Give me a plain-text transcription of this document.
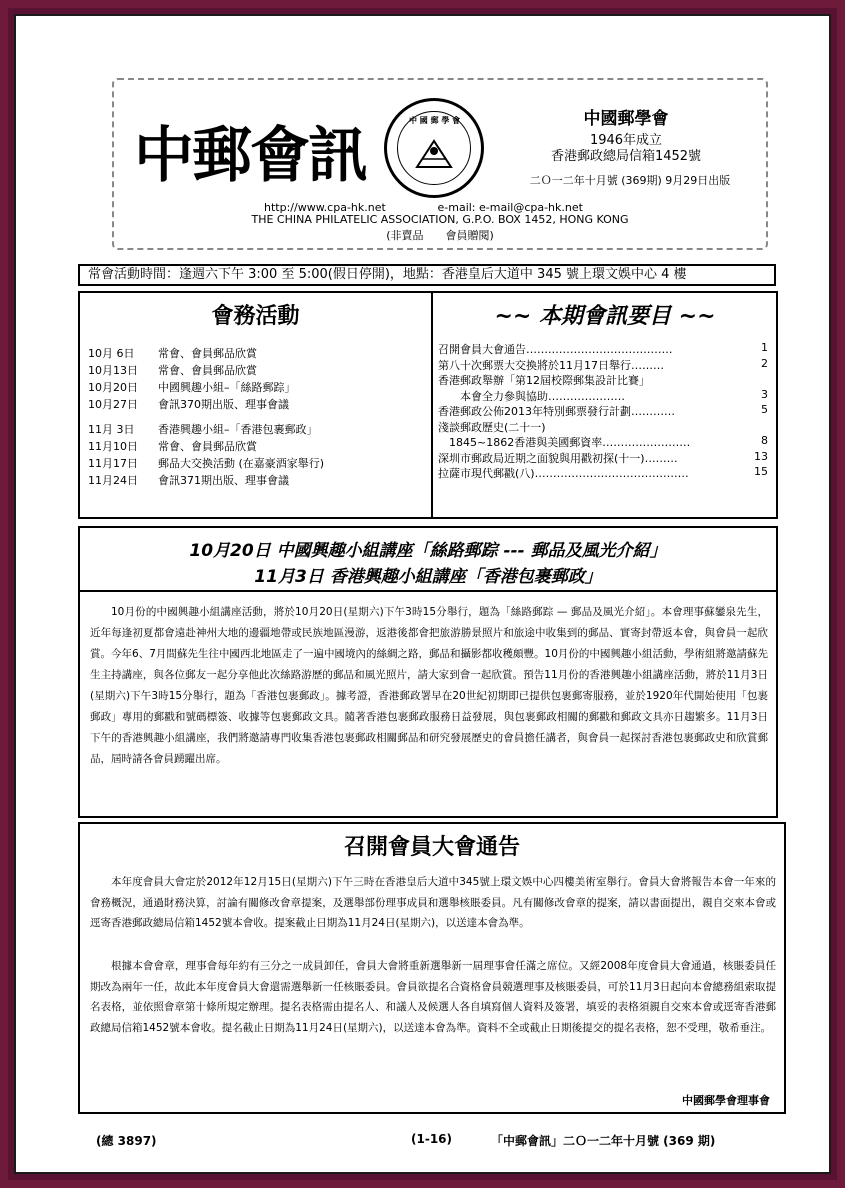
中郵會訊
中 國 郵 學 會	中國郵學會
1946年成立
香港郵政總局信箱1452號
二Ｏ一二年十月號 (369期) 9月29日出版
http://www.cpa-hk.net	e-mail: e-mail@cpa-hk.net
THE CHINA PHILATELIC ASSOCIATION, G.P.O. BOX 1452, HONG KONG
(非賣品　　會員贈閱)
常會活動時間：逢週六下午 3:00 至 5:00(假日停開)，地點：香港皇后大道中 345 號上環文娛中心 4 樓
會務活動
10月 6日 常會、會員郵品欣賞
10月13日 常會、會員郵品欣賞
10月20日 中國興趣小組–「絲路郵踪」
10月27日 會訊370期出版、理事會議
11月 3日 香港興趣小組–「香港包裹郵政」
11月10日 常會、會員郵品欣賞
11月17日 郵品大交換活動 (在嘉豪酒家舉行)
11月24日 會訊371期出版、理事會議
~~ 本期會訊要目 ~~
召開會員大會通告…….……………………………	1
第八十次郵票大交換將於11月17日舉行………	2
香港郵政舉辦「第12屆校際郵集設計比賽」
　　本會全力參與協助…………………	3
香港郵政公佈2013年特別郵票發行計劃…………	5
淺談郵政歷史(二十一)
　1845~1862香港與美國郵資率……………………	8
深圳市郵政局近期之面貌與用戳初探(十一)………	13
拉薩市現代郵戳(八)……………………………………	15
10月20日 中國興趣小組講座「絲路郵踪 --- 郵品及風光介紹」
11月3日 香港興趣小組講座「香港包裹郵政」
10月份的中國興趣小組講座活動，將於10月20日(星期六)下午3時15分舉行，題為「絲路郵踪 — 郵品及風光介紹」。本會理事蘇鑾泉先生，近年每逢初夏都會遠赴神州大地的邊疆地帶或民族地區漫游，返港後都會把旅游勝景照片和旅途中收集到的郵品、實寄封帶返本會，與會員一起欣賞。今年6、7月間蘇先生往中國西北地區走了一遍中國境內的絲綢之路，郵品和攝影都收穫頗豐。10月份的中國興趣小組活動，學術組將邀請蘇先生主持講座，與各位郵友一起分享他此次絲路游歷的郵品和風光照片，請大家到會一起欣賞。預告11月份的香港興趣小組講座活動，將於11月3日(星期六)下午3時15分舉行，題為「香港包裹郵政」。據考證，香港郵政署早在20世紀初期即已提供包裹郵寄服務，並於1920年代開始使用「包裹郵政」專用的郵戳和號碼標簽、收據等包裹郵政文具。隨著香港包裹郵政服務日益發展，與包裹郵政相關的郵戳和郵政文具亦日趨繁多。11月3日下午的香港興趣小組講座，我們將邀請專門收集香港包裹郵政相關郵品和研究發展歷史的會員擔任講者，與會員一起探討香港包裹郵政史和欣賞郵品，屆時請各會員踴躍出席。
召開會員大會通告
本年度會員大會定於2012年12月15日(星期六)下午三時在香港皇后大道中345號上環文娛中心四樓美術室舉行。會員大會將報告本會一年來的會務概況，通過財務決算，討論有關修改會章提案，及選舉部份理事成員和選舉核賬委員。凡有關修改會章的提案，請以書面提出，親自交來本會或逕寄香港郵政總局信箱1452號本會收。提案截止日期為11月24日(星期六)，以送達本會為準。
根據本會會章，理事會每年約有三分之一成員卸任，會員大會將重新選舉新一屆理事會任滿之席位。又經2008年度會員大會通過，核賬委員任期改為兩年一任，故此本年度會員大會還需選舉新一任核賬委員。會員欲提名合資格會員競選理事及核賬委員，可於11月3日起向本會總務組索取提名表格，並依照會章第十條所規定辦理。提名表格需由提名人、和議人及候選人各自填寫個人資料及簽署，填妥的表格須親自交來本會或逕寄香港郵政總局信箱1452號本會收。提名截止日期為11月24日(星期六)，以送達本會為準。資料不全或截止日期後提交的提名表格，恕不受理，敬希垂注。
中國郵學會理事會
(總 3897)	(1-16)	「中郵會訊」二Ｏ一二年十月號 (369 期)
